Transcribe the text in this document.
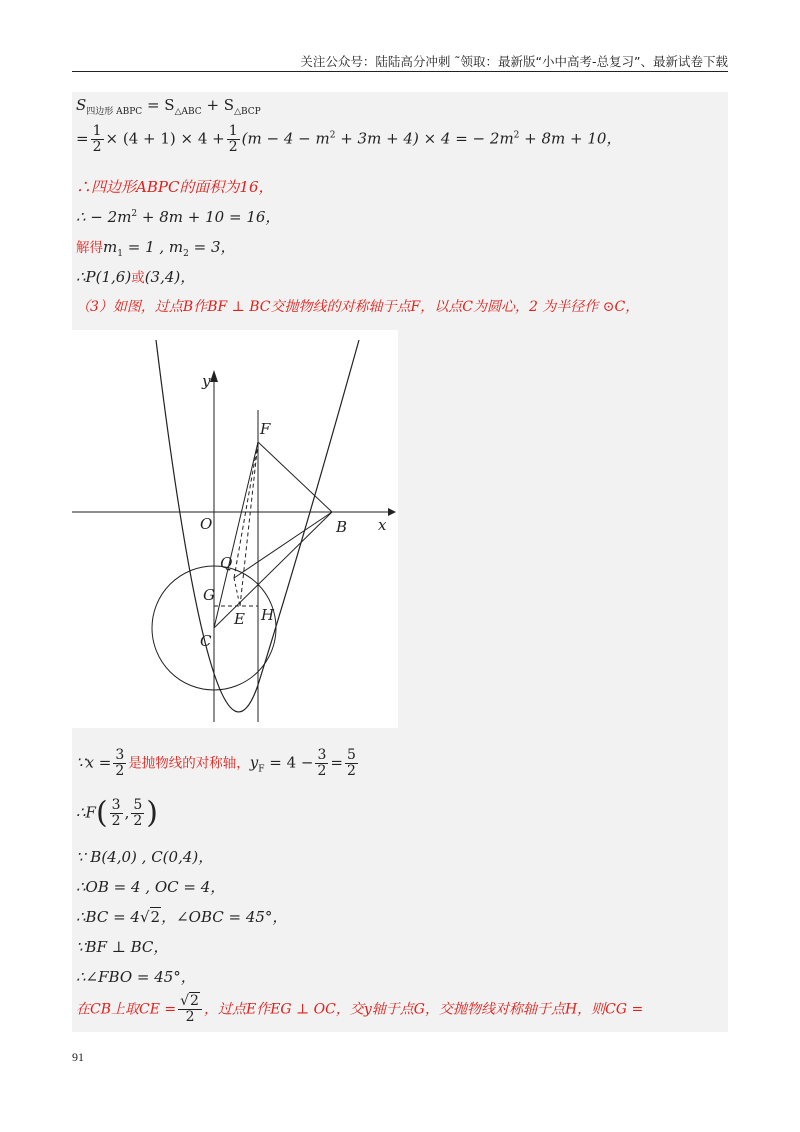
关注公众号：陆陆高分冲刺 ˜领取：最新版“小中高考-总复习”、最新试卷下载
$S_{四边形 ABPC} = S_{\triangle ABC} + S_{\triangle BCP}$
= $\frac{1}{2} \times (4 + 1) \times 4 + \frac{1}{2} (m - 4 - m^2 + 3m + 4) \times 4$ = − $2m^2 + 8m + 10$，
∴四边形ABPC的面积为16，
∴ − $2m^2 + 8m + 10 = 16$，
解得$m_1 = 1$ , $m_2 = 3$，
∴P(1,6)或(3,4)，
（3）如图，过点B作BF ⊥ BC交抛物线的对称轴于点F，以点C为圆心，2 为半径作 ⊙C，
y
x
O	B
F
Q
G
E H
C
∵x = $\frac{3}{2}$ 是抛物线的对称轴，$y_F = 4 - \frac{3}{2} = \frac{5}{2}$
∴F( $\frac{3}{2}$ , $\frac{5}{2}$ )
∵ B(4,0) , C(0,4)，
∴OB = 4 , OC = 4，
∴BC = 4√2，∠OBC = 45°，
∵BF ⊥ BC，
∴∠FBO = 45°，
在CB上取CE = $\frac{√2}{2}$ ，过点E作EG ⊥ OC，交y轴于点G，交抛物线对称轴于点H，则CG =
91
